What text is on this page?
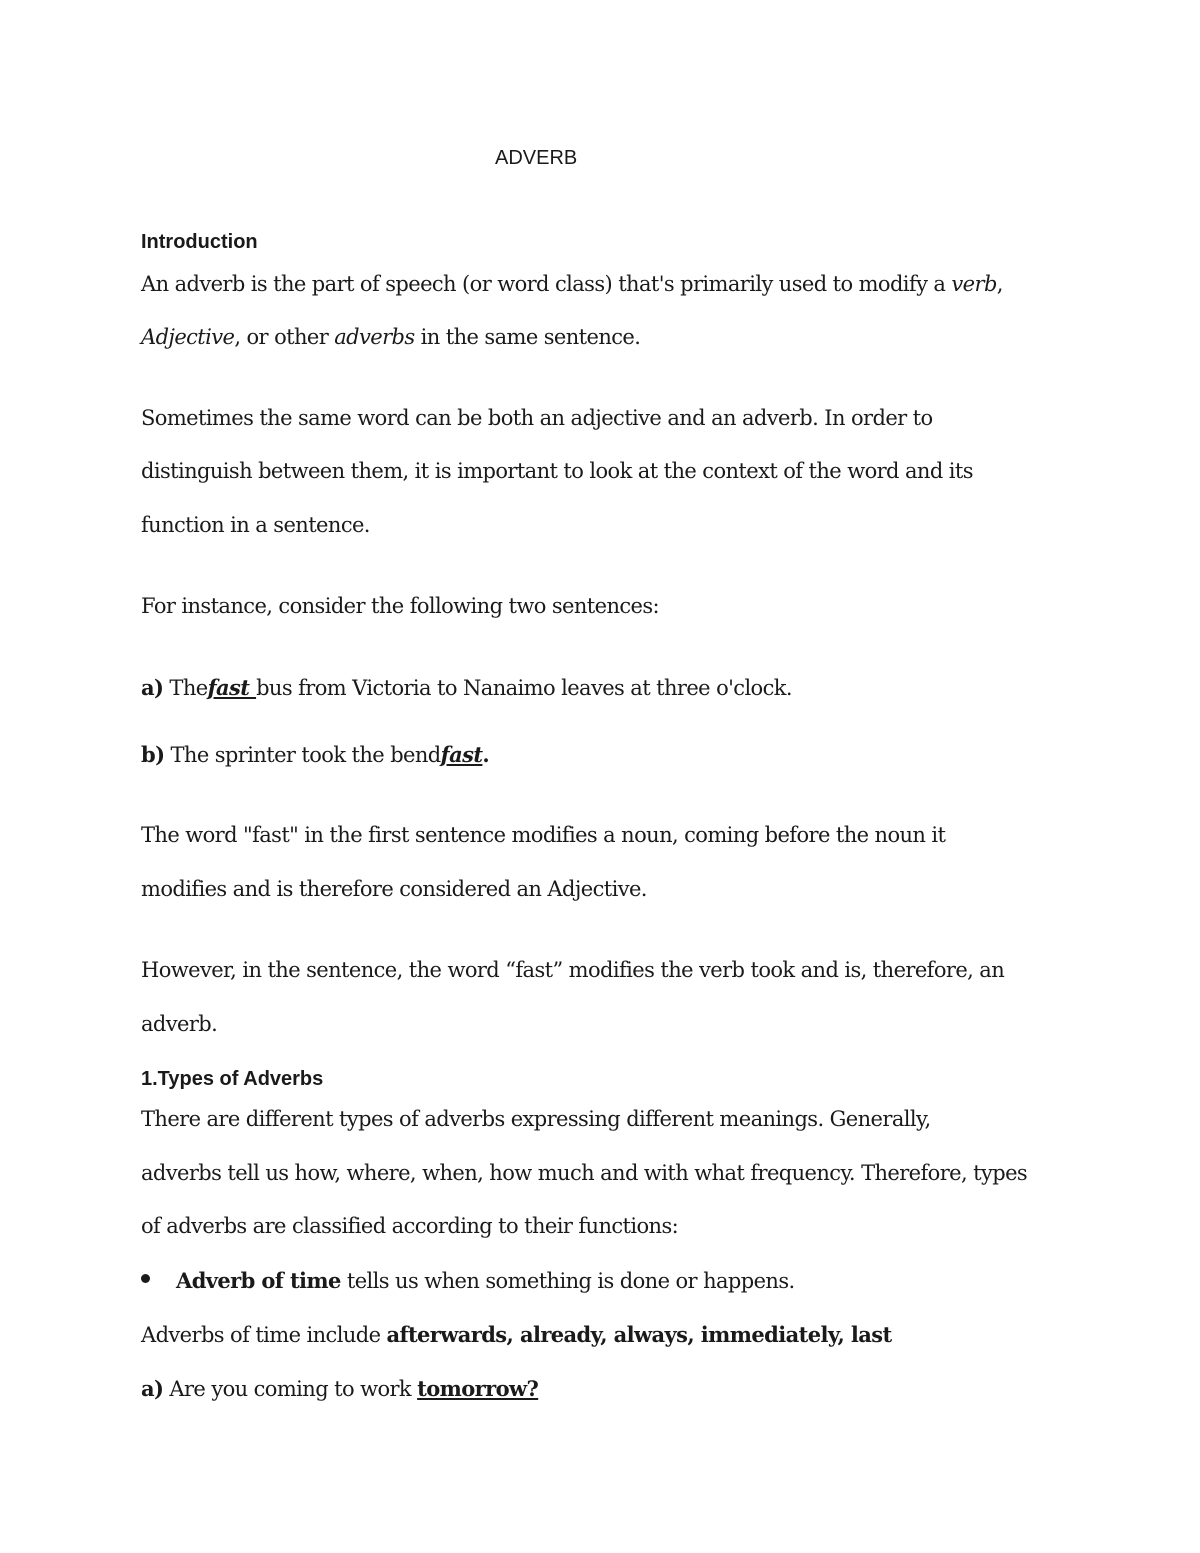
ADVERB
Introduction
An adverb is the part of speech (or word class) that's primarily used to modify a verb,
Adjective, or other adverbs in the same sentence.
Sometimes the same word can be both an adjective and an adverb. In order to
distinguish between them, it is important to look at the context of the word and its
function in a sentence.
For instance, consider the following two sentences:
a) Thefast bus from Victoria to Nanaimo leaves at three o'clock.
b) The sprinter took the bendfast.
The word "fast" in the first sentence modifies a noun, coming before the noun it
modifies and is therefore considered an Adjective.
However, in the sentence, the word “fast” modifies the verb took and is, therefore, an
adverb.
1.Types of Adverbs
There are different types of adverbs expressing different meanings. Generally,
adverbs tell us how, where, when, how much and with what frequency. Therefore, types
of adverbs are classified according to their functions:
Adverb of time tells us when something is done or happens.
Adverbs of time include afterwards, already, always, immediately, last
a) Are you coming to work tomorrow?
